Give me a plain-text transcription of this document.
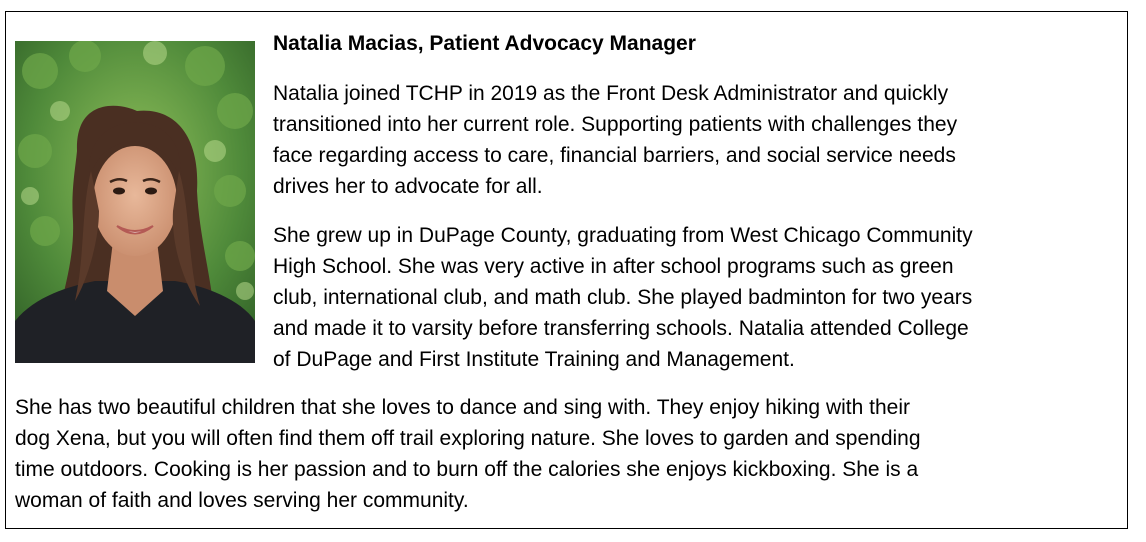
Natalia Macias, Patient Advocacy Manager
Natalia joined TCHP in 2019 as the Front Desk Administrator and quickly
transitioned into her current role. Supporting patients with challenges they
face regarding access to care, financial barriers, and social service needs
drives her to advocate for all.
She grew up in DuPage County, graduating from West Chicago Community
High School. She was very active in after school programs such as green
club, international club, and math club. She played badminton for two years
and made it to varsity before transferring schools. Natalia attended College
of DuPage and First Institute Training and Management.
She has two beautiful children that she loves to dance and sing with. They enjoy hiking with their
dog Xena, but you will often find them off trail exploring nature. She loves to garden and spending
time outdoors. Cooking is her passion and to burn off the calories she enjoys kickboxing. She is a
woman of faith and loves serving her community.
